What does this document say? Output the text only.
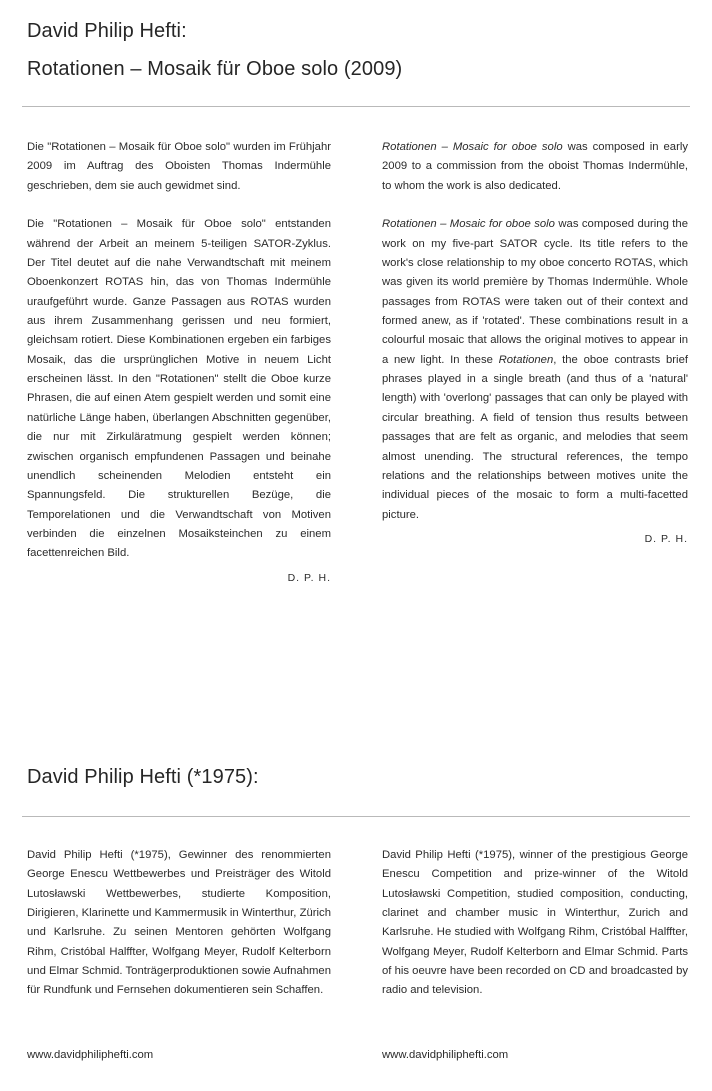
David Philip Hefti:
Rotationen – Mosaik für Oboe solo (2009)

Die "Rotationen – Mosaik für Oboe solo" wurden im Frühjahr 2009 im Auftrag des Oboisten Thomas Indermühle geschrieben, dem sie auch gewidmet sind.

Die "Rotationen – Mosaik für Oboe solo" entstanden während der Arbeit an meinem 5-teiligen SATOR-Zyklus. Der Titel deutet auf die nahe Verwandtschaft mit meinem Oboenkonzert ROTAS hin, das von Thomas Indermühle uraufgeführt wurde. Ganze Passagen aus ROTAS wurden aus ihrem Zusammenhang gerissen und neu formiert, gleichsam rotiert. Diese Kombinationen ergeben ein farbiges Mosaik, das die ursprünglichen Motive in neuem Licht erscheinen lässt. In den "Rotationen" stellt die Oboe kurze Phrasen, die auf einen Atem gespielt werden und somit eine natürliche Länge haben, überlangen Abschnitten gegenüber, die nur mit Zirkuläratmung gespielt werden können; zwischen organisch empfundenen Passagen und beinahe unendlich scheinenden Melodien entsteht ein Spannungsfeld. Die strukturellen Bezüge, die Temporelationen und die Verwandtschaft von Motiven verbinden die einzelnen Mosaiksteinchen zu einem facettenreichen Bild.

D. P. H.

Rotationen – Mosaic for oboe solo was composed in early 2009 to a commission from the oboist Thomas Indermühle, to whom the work is also dedicated.

Rotationen – Mosaic for oboe solo was composed during the work on my five-part SATOR cycle. Its title refers to the work's close relationship to my oboe concerto ROTAS, which was given its world première by Thomas Indermühle. Whole passages from ROTAS were taken out of their context and formed anew, as if 'rotated'. These combinations result in a colourful mosaic that allows the original motives to appear in a new light. In these Rotationen, the oboe contrasts brief phrases played in a single breath (and thus of a 'natural' length) with 'overlong' passages that can only be played with circular breathing. A field of tension thus results between passages that are felt as organic, and melodies that seem almost unending. The structural references, the tempo relations and the relationships between motives unite the individual pieces of the mosaic to form a multi-facetted picture.

D. P. H.

David Philip Hefti (*1975):

David Philip Hefti (*1975), Gewinner des renommierten George Enescu Wettbewerbes und Preisträger des Witold Lutosławski Wettbewerbes, studierte Komposition, Dirigieren, Klarinette und Kammermusik in Winterthur, Zürich und Karlsruhe. Zu seinen Mentoren gehörten Wolfgang Rihm, Cristóbal Halffter, Wolfgang Meyer, Rudolf Kelterborn und Elmar Schmid. Tonträgerproduktionen sowie Aufnahmen für Rundfunk und Fernsehen dokumentieren sein Schaffen.

David Philip Hefti (*1975), winner of the prestigious George Enescu Competition and prize-winner of the Witold Lutosławski Competition, studied composition, conducting, clarinet and chamber music in Winterthur, Zurich and Karlsruhe. He studied with Wolfgang Rihm, Cristóbal Halffter, Wolfgang Meyer, Rudolf Kelterborn and Elmar Schmid. Parts of his oeuvre have been recorded on CD and broadcasted by radio and television.

www.davidphiliphefti.com	www.davidphiliphefti.com
